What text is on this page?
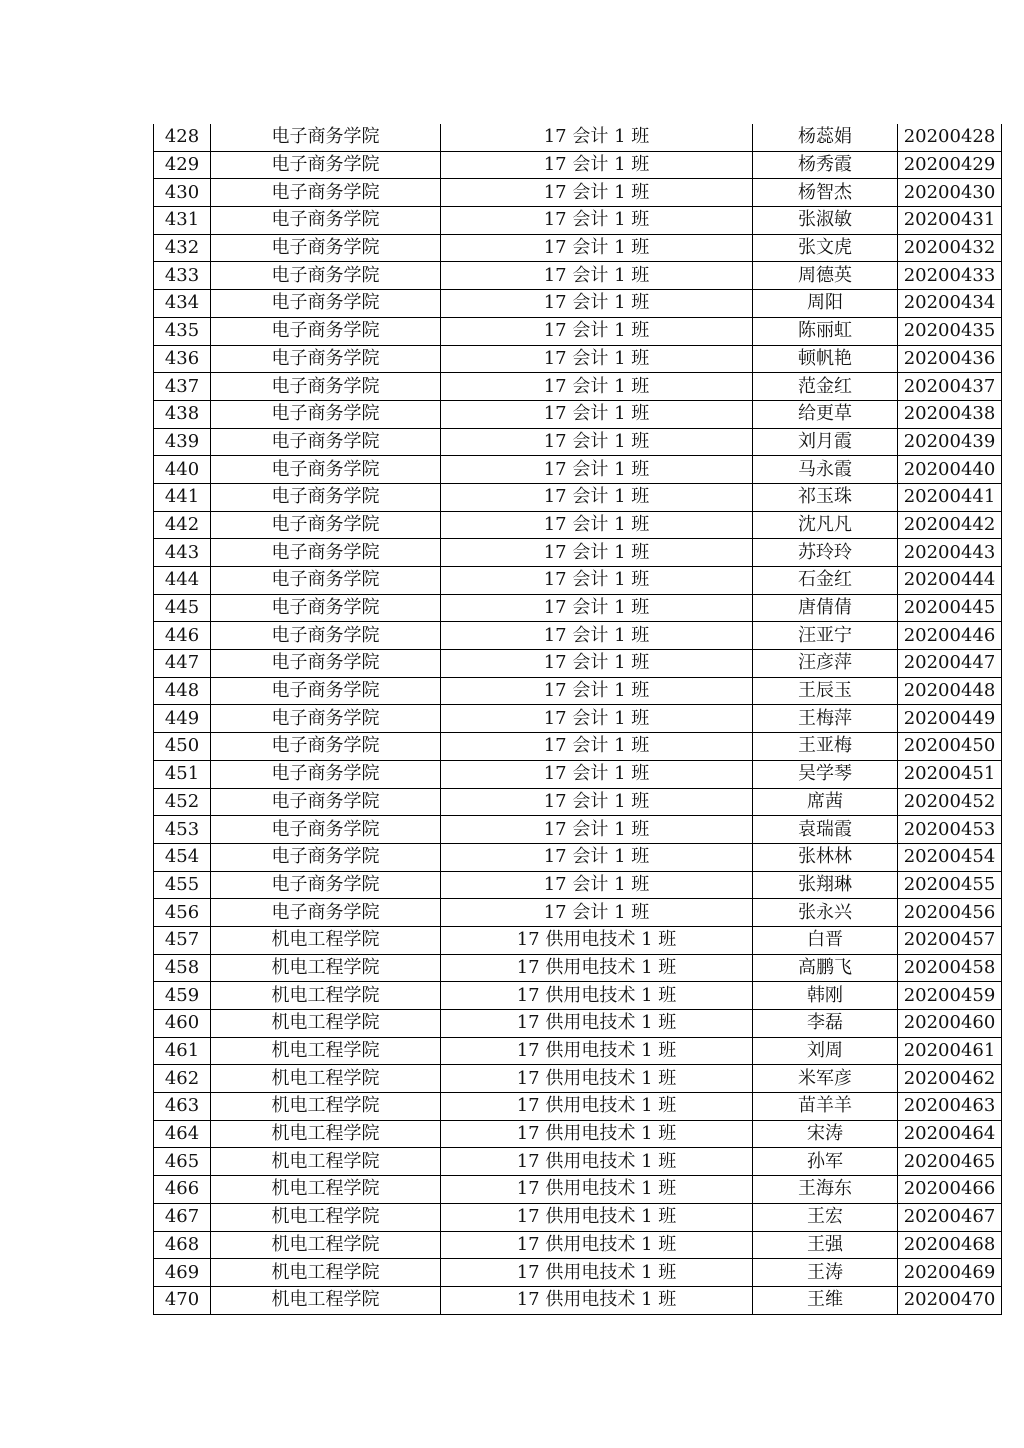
428	电子商务学院	17 会计 1 班	杨蕊娟	20200428
429	电子商务学院	17 会计 1 班	杨秀霞	20200429
430	电子商务学院	17 会计 1 班	杨智杰	20200430
431	电子商务学院	17 会计 1 班	张淑敏	20200431
432	电子商务学院	17 会计 1 班	张文虎	20200432
433	电子商务学院	17 会计 1 班	周德英	20200433
434	电子商务学院	17 会计 1 班	周阳	20200434
435	电子商务学院	17 会计 1 班	陈丽虹	20200435
436	电子商务学院	17 会计 1 班	顿帆艳	20200436
437	电子商务学院	17 会计 1 班	范金红	20200437
438	电子商务学院	17 会计 1 班	给更草	20200438
439	电子商务学院	17 会计 1 班	刘月霞	20200439
440	电子商务学院	17 会计 1 班	马永霞	20200440
441	电子商务学院	17 会计 1 班	祁玉珠	20200441
442	电子商务学院	17 会计 1 班	沈凡凡	20200442
443	电子商务学院	17 会计 1 班	苏玲玲	20200443
444	电子商务学院	17 会计 1 班	石金红	20200444
445	电子商务学院	17 会计 1 班	唐倩倩	20200445
446	电子商务学院	17 会计 1 班	汪亚宁	20200446
447	电子商务学院	17 会计 1 班	汪彦萍	20200447
448	电子商务学院	17 会计 1 班	王辰玉	20200448
449	电子商务学院	17 会计 1 班	王梅萍	20200449
450	电子商务学院	17 会计 1 班	王亚梅	20200450
451	电子商务学院	17 会计 1 班	吴学琴	20200451
452	电子商务学院	17 会计 1 班	席茜	20200452
453	电子商务学院	17 会计 1 班	袁瑞霞	20200453
454	电子商务学院	17 会计 1 班	张林林	20200454
455	电子商务学院	17 会计 1 班	张翔琳	20200455
456	电子商务学院	17 会计 1 班	张永兴	20200456
457	机电工程学院	17 供用电技术 1 班	白晋	20200457
458	机电工程学院	17 供用电技术 1 班	高鹏飞	20200458
459	机电工程学院	17 供用电技术 1 班	韩刚	20200459
460	机电工程学院	17 供用电技术 1 班	李磊	20200460
461	机电工程学院	17 供用电技术 1 班	刘周	20200461
462	机电工程学院	17 供用电技术 1 班	米军彦	20200462
463	机电工程学院	17 供用电技术 1 班	苗羊羊	20200463
464	机电工程学院	17 供用电技术 1 班	宋涛	20200464
465	机电工程学院	17 供用电技术 1 班	孙军	20200465
466	机电工程学院	17 供用电技术 1 班	王海东	20200466
467	机电工程学院	17 供用电技术 1 班	王宏	20200467
468	机电工程学院	17 供用电技术 1 班	王强	20200468
469	机电工程学院	17 供用电技术 1 班	王涛	20200469
470	机电工程学院	17 供用电技术 1 班	王维	20200470
